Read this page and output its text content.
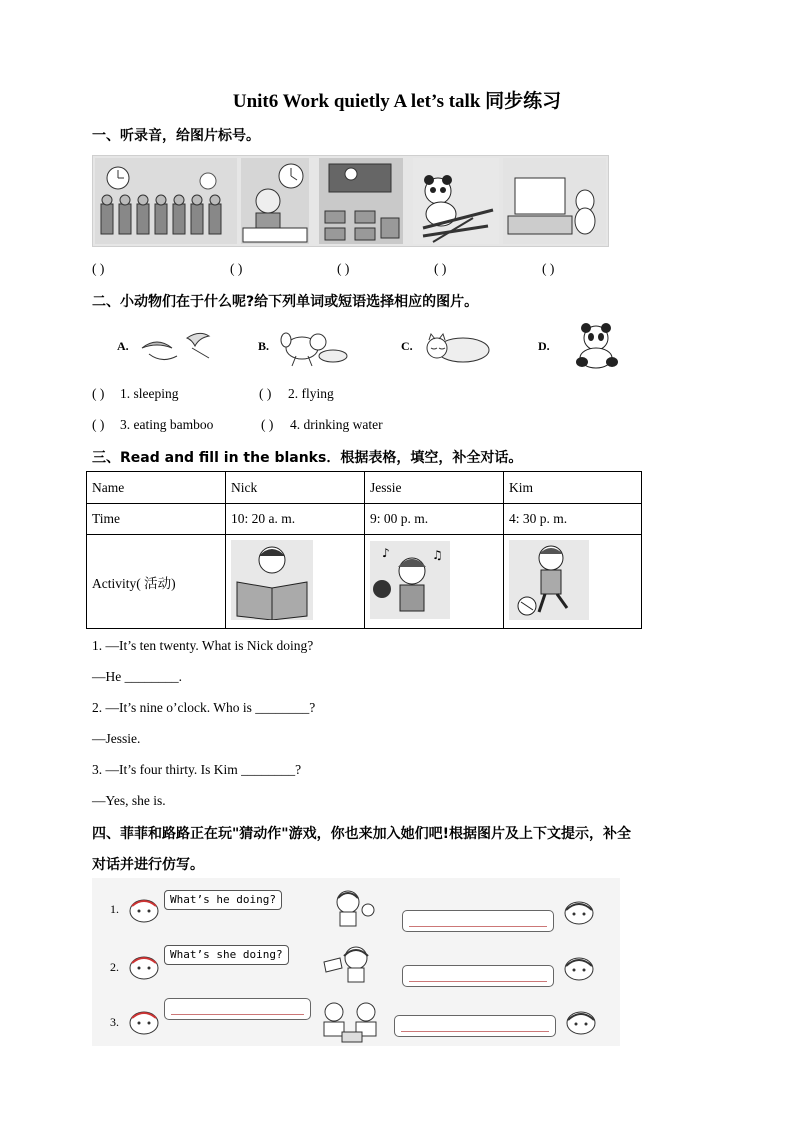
Unit6 Work quietly A let’s talk 同步练习
一、听录音，给图片标号。
( )	( )	( )	( )	( )
二、小动物们在于什么呢?给下列单词或短语选择相应的图片。
A.	B.	C.	D.
( ) 1. sleeping	( ) 2. flying
( ) 3. eating bamboo	( ) 4. drinking water
三、Read and fill in the blanks．根据表格，填空，补全对话。
Name	Nick	Jessie	Kim
Time	10: 20 a. m.	9: 00 p. m.	4: 30 p. m.
Activity( 活动)		♪ ♫

1. —It’s ten twenty. What is Nick doing?
—He ________.
2. —It’s nine o’clock. Who is ________?
—Jessie.
3. —It’s four thirty. Is Kim ________?
—Yes, she is.
四、菲菲和路路正在玩"猜动作"游戏，你也来加入她们吧!根据图片及上下文提示，补全
对话并进行仿写。
1.
What’s he doing?
2.
What’s she doing?
3.
